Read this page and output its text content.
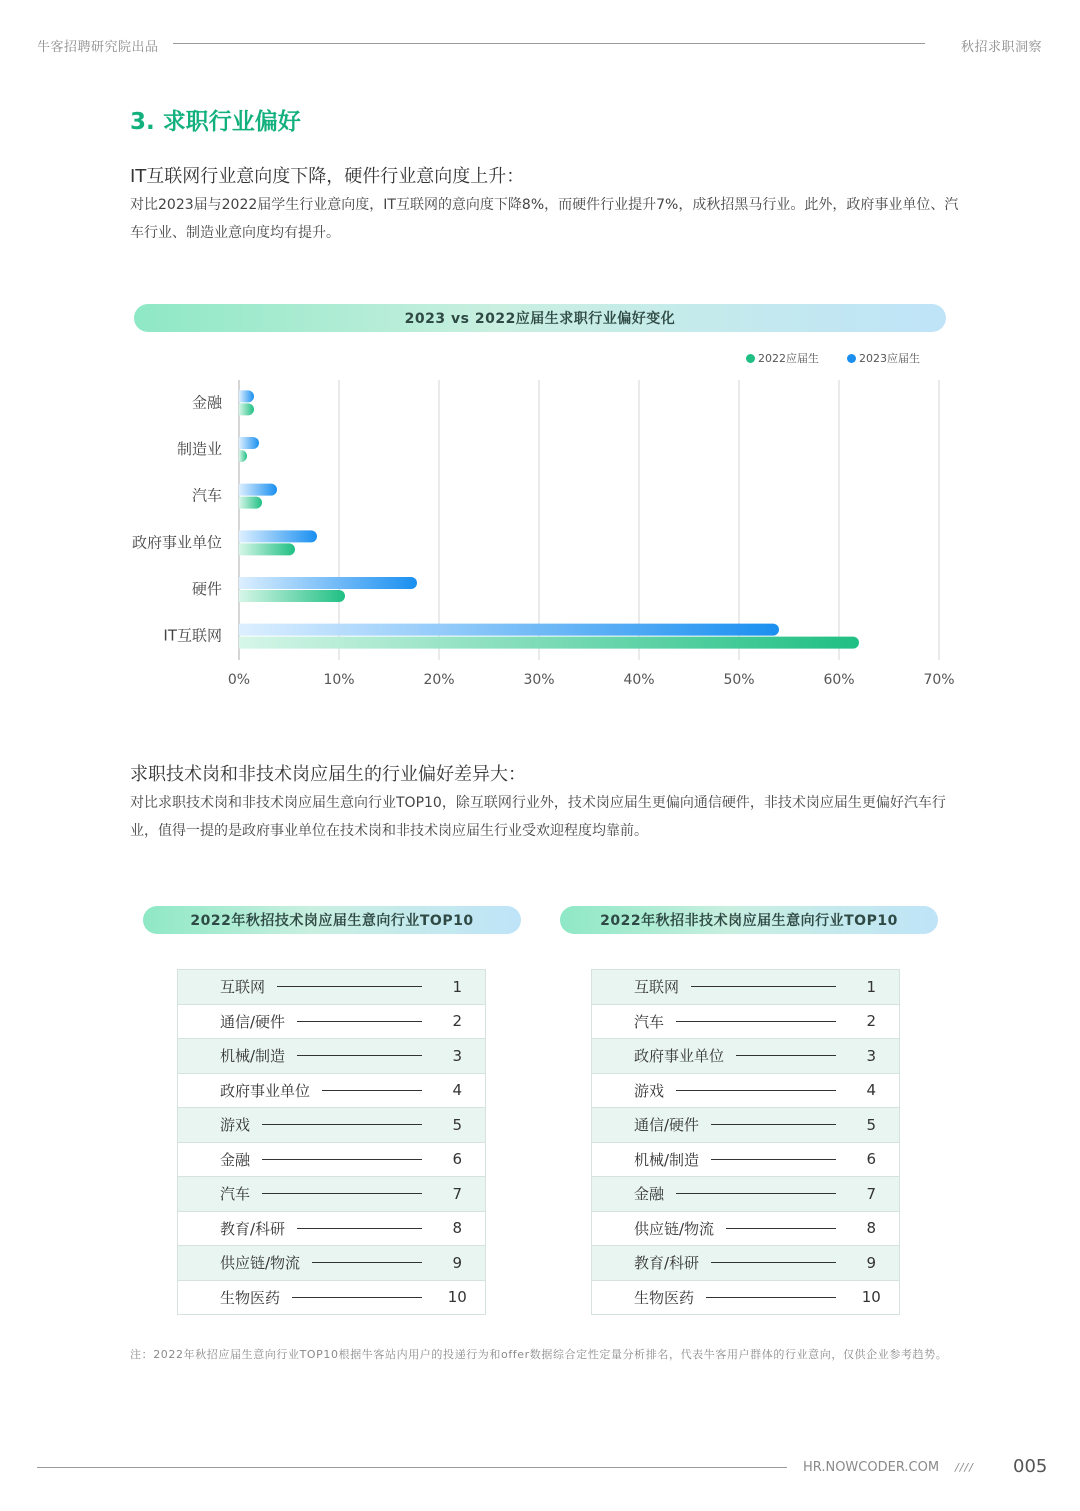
牛客招聘研究院出品	秋招求职洞察
3. 求职行业偏好
IT互联网行业意向度下降，硬件行业意向度上升：
对比2023届与2022届学生行业意向度，IT互联网的意向度下降8%，而硬件行业提升7%，成秋招黑马行业。此外，政府事业单位、汽车行业、制造业意向度均有提升。
2023 vs 2022应届生求职行业偏好变化
2022应届生	2023应届生
0%	10%	20%	30%	40%	50%	60%	70%
金融
制造业
汽车
政府事业单位
硬件
IT互联网
求职技术岗和非技术岗应届生的行业偏好差异大：
对比求职技术岗和非技术岗应届生意向行业TOP10，除互联网行业外，技术岗应届生更偏向通信硬件，非技术岗应届生更偏好汽车行业，值得一提的是政府事业单位在技术岗和非技术岗应届生行业受欢迎程度均靠前。
2022年秋招技术岗应届生意向行业TOP10	2022年秋招非技术岗应届生意向行业TOP10
互联网	1

通信/硬件	2

机械/制造	3

政府事业单位	4

游戏	5

金融	6

汽车	7

教育/科研	8

供应链/物流	9

生物医药	10
互联网	1

汽车	2

政府事业单位	3

游戏	4

通信/硬件	5

机械/制造	6

金融	7

供应链/物流	8

教育/科研	9

生物医药	10
注：2022年秋招应届生意向行业TOP10根据牛客站内用户的投递行为和offer数据综合定性定量分析排名，代表牛客用户群体的行业意向，仅供企业参考趋势。
HR.NOWCODER.COM //// 005
